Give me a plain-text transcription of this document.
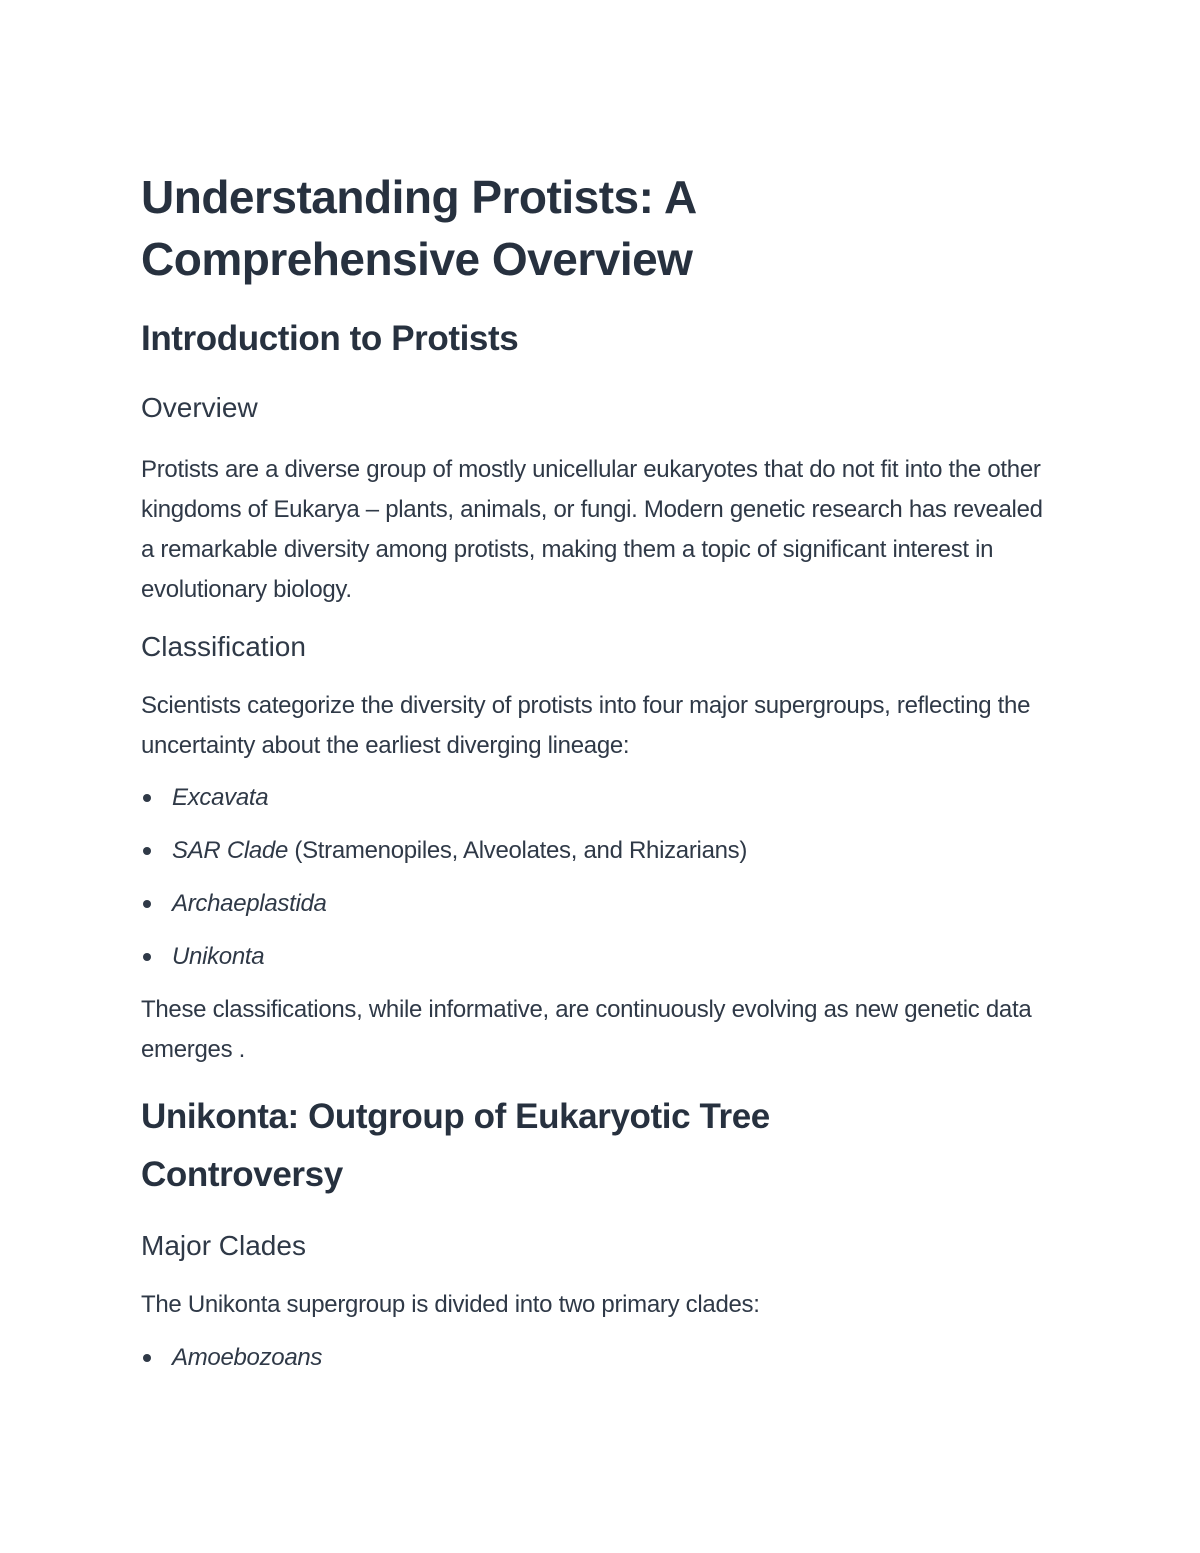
Understanding Protists: A Comprehensive Overview
Introduction to Protists
Overview

Protists are a diverse group of mostly unicellular eukaryotes that do not fit into the other kingdoms of Eukarya – plants, animals, or fungi. Modern genetic research has revealed a remarkable diversity among protists, making them a topic of significant interest in evolutionary biology.

Classification

Scientists categorize the diversity of protists into four major supergroups, reflecting the uncertainty about the earliest diverging lineage:

Excavata
SAR Clade (Stramenopiles, Alveolates, and Rhizarians)
Archaeplastida
Unikonta

These classifications, while informative, are continuously evolving as new genetic data emerges .

Unikonta: Outgroup of Eukaryotic Tree Controversy
Major Clades

The Unikonta supergroup is divided into two primary clades:

Amoebozoans
